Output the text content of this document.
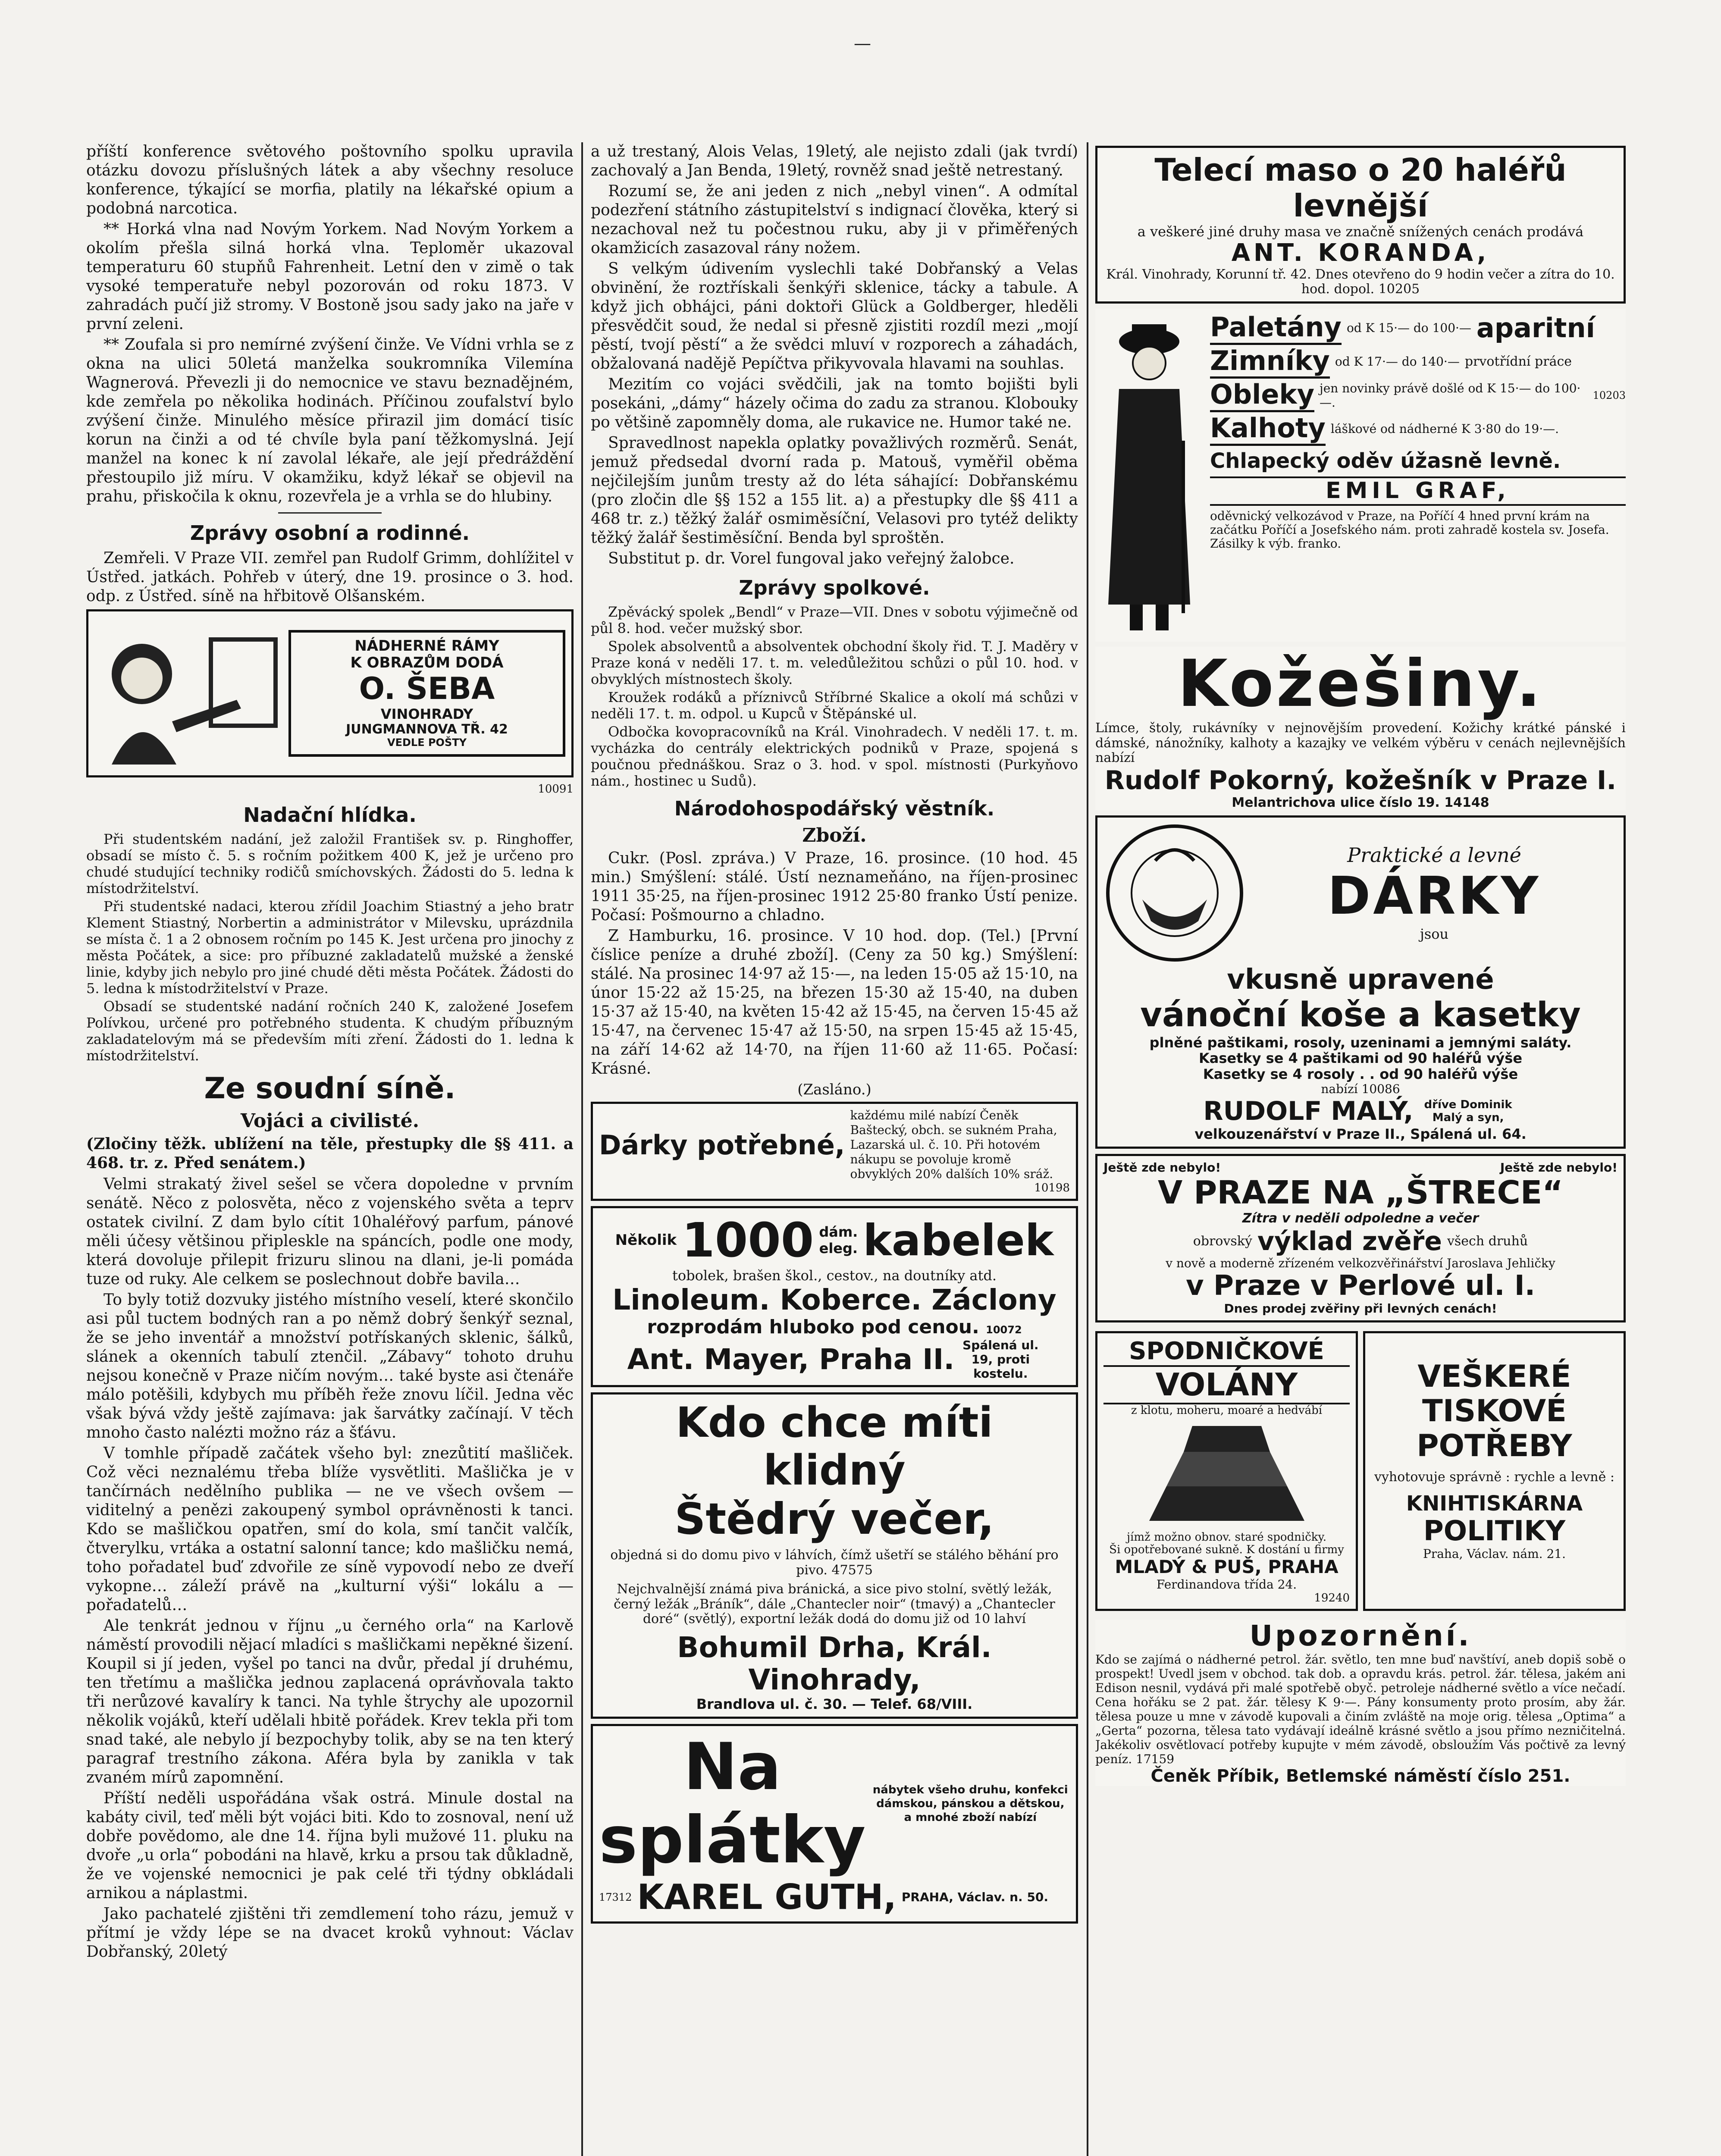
—

příští konference světového poštovního spolku upravila otázku dovozu příslušných látek a aby všechny resoluce konference, týkající se morfia, platily na lékařské opium a podobná narcotica.

** Horká vlna nad Novým Yorkem. Nad Novým Yorkem a okolím přešla silná horká vlna. Teploměr ukazoval temperaturu 60 stupňů Fahrenheit. Letní den v zimě o tak vysoké temperatuře nebyl pozorován od roku 1873. V zahradách pučí již stromy. V Bostoně jsou sady jako na jaře v první zeleni.

** Zoufala si pro nemírné zvýšení činže. Ve Vídni vrhla se z okna na ulici 50letá manželka soukromníka Vilemína Wagnerová. Převezli ji do nemocnice ve stavu beznadějném, kde zemřela po několika hodinách. Příčinou zoufalství bylo zvýšení činže. Minulého měsíce přirazil jim domácí tisíc korun na činži a od té chvíle byla paní těžkomyslná. Její manžel na konec k ní zavolal lékaře, ale její předráždění přestoupilo již míru. V okamžiku, když lékař se objevil na prahu, přiskočila k oknu, rozevřela je a vrhla se do hlubiny.

Zprávy osobní a rodinné.

Zemřeli. V Praze VII. zemřel pan Rudolf Grimm, dohlížitel v Ústřed. jatkách. Pohřeb v úterý, dne 19. prosince o 3. hod. odp. z Ústřed. síně na hřbitově Olšanském.

NÁDHERNÉ RÁMY
K OBRAZŮM DODÁ
O. ŠEBA
VINOHRADY
JUNGMANNOVA TŘ. 42
VEDLE POŠTY
10091
Nadační hlídka.

Při studentském nadání, jež založil František sv. p. Ringhoffer, obsadí se místo č. 5. s ročním požitkem 400 K, jež je určeno pro chudé studující techniky rodičů smíchovských. Žádosti do 5. ledna k místodržitelství.

Při studentské nadaci, kterou zřídil Joachim Stiastný a jeho bratr Klement Stiastný, Norbertin a administrátor v Milevsku, uprázdnila se místa č. 1 a 2 obnosem ročním po 145 K. Jest určena pro jinochy z města Počátek, a sice: pro příbuzné zakladatelů mužské a ženské linie, kdyby jich nebylo pro jiné chudé děti města Počátek. Žádosti do 5. ledna k místodržitelství v Praze.

Obsadí se studentské nadání ročních 240 K, založené Josefem Polívkou, určené pro potřebného studenta. K chudým příbuzným zakladatelovým má se především míti zření. Žádosti do 1. ledna k místodržitelství.

Ze soudní síně.
Vojáci a civilisté.

(Zločiny těžk. ublížení na těle, přestupky dle §§ 411. a 468. tr. z. Před senátem.)

Velmi strakatý živel sešel se včera dopoledne v prvním senátě. Něco z polosvěta, něco z vojenského světa a teprv ostatek civilní. Z dam bylo cítit 10haléřový parfum, pánové měli účesy většinou připleskle na spáncích, podle one mody, která dovoluje přilepit frizuru slinou na dlani, je-li pomáda tuze od ruky. Ale celkem se poslechnout dobře bavila…

To byly totiž dozvuky jistého místního veselí, které skončilo asi půl tuctem bodných ran a po němž dobrý šenkýř seznal, že se jeho inventář a množství potřískaných sklenic, šálků, slánek a okenních tabulí ztenčil. „Zábavy“ tohoto druhu nejsou konečně v Praze ničím novým… také byste asi čtenáře málo potěšili, kdybych mu příběh řeže znovu líčil. Jedna věc však bývá vždy ještě zajímava: jak šarvátky začínají. V těch mnoho často nalézti možno ráz a šťávu.

V tomhle případě začátek všeho byl: znezůtití mašliček. Což věci neznalému třeba blíže vysvětliti. Mašlička je v tančírnách nedělního publika — ne ve všech ovšem — viditelný a penězi zakoupený symbol oprávněnosti k tanci. Kdo se mašličkou opatřen, smí do kola, smí tančit valčík, čtverylku, vrtáka a ostatní salonní tance; kdo mašličku nemá, toho pořadatel buď zdvořile ze síně vypovodí nebo ze dveří vykopne… záleží právě na „kulturní výši“ lokálu a — pořadatelů…

Ale tenkrát jednou v říjnu „u černého orla“ na Karlově náměstí provodili nějací mladíci s mašličkami nepěkné šizení. Koupil si jí jeden, vyšel po tanci na dvůr, předal jí druhému, ten třetímu a mašlička jednou zaplacená oprávňovala takto tři nerůzové kavalíry k tanci. Na tyhle štrychy ale upozornil několik vojáků, kteří udělali hbitě pořádek. Krev tekla při tom snad také, ale nebylo jí bezpochyby tolik, aby se na ten který paragraf trestního zákona. Aféra byla by zanikla v tak zvaném mírů zapomnění.

Příští neděli uspořádána však ostrá. Minule dostal na kabáty civil, teď měli být vojáci biti. Kdo to zosnoval, není už dobře povědomo, ale dne 14. října byli mužové 11. pluku na dvoře „u orla“ pobodáni na hlavě, krku a prsou tak důkladně, že ve vojenské nemocnici je pak celé tři týdny obkládali arnikou a náplastmi.

Jako pachatelé zjištěni tři zemdlemení toho rázu, jemuž v přítmí je vždy lépe se na dvacet kroků vyhnout: Václav Dobřanský, 20letý

a už trestaný, Alois Velas, 19letý, ale nejisto zdali (jak tvrdí) zachovalý a Jan Benda, 19letý, rovněž snad ještě netrestaný.

Rozumí se, že ani jeden z nich „nebyl vinen“. A odmítal podezření státního zástupitelství s indignací člověka, který si nezachoval než tu počestnou ruku, aby ji v přiměřených okamžicích zasazoval rány nožem.

S velkým údivením vyslechli také Dobřanský a Velas obvinění, že roztřískali šenkýři sklenice, tácky a tabule. A když jich obhájci, páni doktoři Glück a Goldberger, hleděli přesvědčit soud, že nedal si přesně zjistiti rozdíl mezi „mojí pěstí, tvojí pěstí“ a že svědci mluví v rozporech a záhadách, obžalovaná nadějě Pepíčtva přikyvovala hlavami na souhlas.

Mezitím co vojáci svědčili, jak na tomto bojišti byli posekáni, „dámy“ házely očima do zadu za stranou. Klobouky po většině zapomněly doma, ale rukavice ne. Humor také ne.

Spravedlnost napekla oplatky považlivých rozměrů. Senát, jemuž předsedal dvorní rada p. Matouš, vyměřil oběma nejčilejším junům tresty až do léta sáhající: Dobřanskému (pro zločin dle §§ 152 a 155 lit. a) a přestupky dle §§ 411 a 468 tr. z.) těžký žalář osmiměsíční, Velasovi pro tytéž delikty těžký žalář šestiměsíční. Benda byl sproštěn.

Substitut p. dr. Vorel fungoval jako veřejný žalobce.

Zprávy spolkové.

Zpěvácký spolek „Bendl“ v Praze—VII. Dnes v sobotu výjimečně od půl 8. hod. večer mužský sbor.

Spolek absolventů a absolventek obchodní školy řid. T. J. Maděry v Praze koná v neděli 17. t. m. veledůležitou schůzi o půl 10. hod. v obvyklých místnostech školy.

Kroužek rodáků a příznivců Stříbrné Skalice a okolí má schůzi v neděli 17. t. m. odpol. u Kupců v Štěpánské ul.

Odbočka kovopracovníků na Král. Vinohradech. V neděli 17. t. m. vycházka do centrály elektrických podniků v Praze, spojená s poučnou přednáškou. Sraz o 3. hod. v spol. místnosti (Purkyňovo nám., hostinec u Sudů).

Národohospodářský věstník.
Zboží.

Cukr. (Posl. zpráva.) V Praze, 16. prosince. (10 hod. 45 min.) Smýšlení: stálé. Ústí neznameňáno, na říjen-prosinec 1911 35·25, na říjen-prosinec 1912 25·80 franko Ústí penize. Počasí: Pošmourno a chladno.

Z Hamburku, 16. prosince. V 10 hod. dop. (Tel.) [První číslice peníze a druhé zboží]. (Ceny za 50 kg.) Smýšlení: stálé. Na prosinec 14·97 až 15·—, na leden 15·05 až 15·10, na únor 15·22 až 15·25, na březen 15·30 až 15·40, na duben 15·37 až 15·40, na květen 15·42 až 15·45, na červen 15·45 až 15·47, na červenec 15·47 až 15·50, na srpen 15·45 až 15·45, na září 14·62 až 14·70, na říjen 11·60 až 11·65. Počasí: Krásné.

(Zasláno.)
Dárky potřebné,
každému milé nabízí Čeněk Baštecký, obch. se sukném Praha, Lazarská ul. č. 10. Při hotovém nákupu se povoluje kromě obvyklých 20% dalších 10% sráž.
10198
Několik 1000 dám. eleg. kabelek
tobolek, brašen škol., cestov., na doutníky atd.
Linoleum. Koberce. Záclony
rozprodám hluboko pod cenou. 10072
Ant. Mayer, Praha II. Spálená ul. 19, proti kostelu.
Kdo chce míti klidný
Štědrý večer,
objedná si do domu pivo v láhvích, čímž ušetří se stálého běhání pro pivo. 47575
Nejchvalnější známá piva bránická, a sice pivo stolní, světlý ležák, černý ležák „Bráník“, dále „Chantecler noir“ (tmavý) a „Chantecler doré“ (světlý), exportní ležák dodá do domu již od 10 lahví
Bohumil Drha, Král. Vinohrady,
Brandlova ul. č. 30. — Telef. 68/VIII.
Na splátky
nábytek všeho druhu, konfekci dámskou, pánskou a dětskou, a mnohé zboží nabízí
17312 KAREL GUTH, PRAHA, Václav. n. 50.
Telecí maso o 20 haléřů levnější
a veškeré jiné druhy masa ve značně snížených cenách prodává
ANT. KORANDA,
Král. Vinohrady, Korunní tř. 42. Dnes otevřeno do 9 hodin večer a zítra do 10. hod. dopol. 10205
Paletány od K 15·— do 100·— aparitní
Zimníky od K 17·— do 140·— prvotřídní práce
Obleky jen novinky právě došlé od K 15·— do 100·—.	10203
Kalhoty láškové od nádherné K 3·80 do 19·—.
Chlapecký oděv úžasně levně.
EMIL GRAF,
oděvnický velkozávod v Praze, na Poříčí 4 hned první krám na začátku Poříčí a Josefského nám. proti zahradě kostela sv. Josefa. Zásilky k výb. franko.
Kožešiny.
Límce, štoly, rukávníky v nejnovějším provedení. Kožichy krátké pánské i dámské, nánožníky, kalhoty a kazajky ve velkém výběru v cenách nejlevnějších nabízí
Rudolf Pokorný, kožešník v Praze I.
Melantrichova ulice číslo 19. 14148
Praktické a levné
DÁRKY
jsou
vkusně upravené
vánoční koše a kasetky
plněné paštikami, rosoly, uzeninami a jemnými saláty.
Kasetky se 4 paštikami od 90 haléřů výše
Kasetky se 4 rosoly . . od 90 haléřů výše
nabízí 10086
RUDOLF MALÝ, dříve Dominik Malý a syn,
velkouzenářství v Praze II., Spálená ul. 64.
Ještě zde nebylo!	Ještě zde nebylo!
V PRAZE NA „ŠTRECE“
Zítra v neděli odpoledne a večer
obrovský výklad zvěře všech druhů
v nově a moderně zřízeném velkozvěřinářství Jaroslava Jehličky
v Praze v Perlové ul. I.
Dnes prodej zvěřiny při levných cenách!
SPODNIČKOVÉ
VOLÁNY
z klotu, moheru, moaré a hedvábí
jímž možno obnov. staré spodničky.
Ši opotřebované sukně. K dostání u firmy
MLADÝ & PUŠ, PRAHA
Ferdinandova třída 24.
19240
VEŠKERÉ
TISKOVÉ
POTŘEBY
vyhotovuje správně : rychle a levně :
KNIHTISKÁRNA
POLITIKY
Praha, Václav. nám. 21.
Upozornění.
Kdo se zajímá o nádherné petrol. žár. světlo, ten mne buď navštíví, aneb dopiš sobě o prospekt! Uvedl jsem v obchod. tak dob. a opravdu krás. petrol. žár. tělesa, jakém ani Edison nesnil, vydává při malé spotřebě obyč. petroleje nádherné světlo a více nečadí. Cena hořáku se 2 pat. žár. tělesy K 9·—. Pány konsumenty proto prosím, aby žár. tělesa pouze u mne v závodě kupovali a činím zvláště na moje orig. tělesa „Optima“ a „Gerta“ pozorna, tělesa tato vydávají ideálně krásné světlo a jsou přímo nezničitelná. Jakékoliv osvětlovací potřeby kupujte v mém závodě, obsloužím Vás počtivě za levný peníz. 17159
Čeněk Příbik, Betlemské náměstí číslo 251.
